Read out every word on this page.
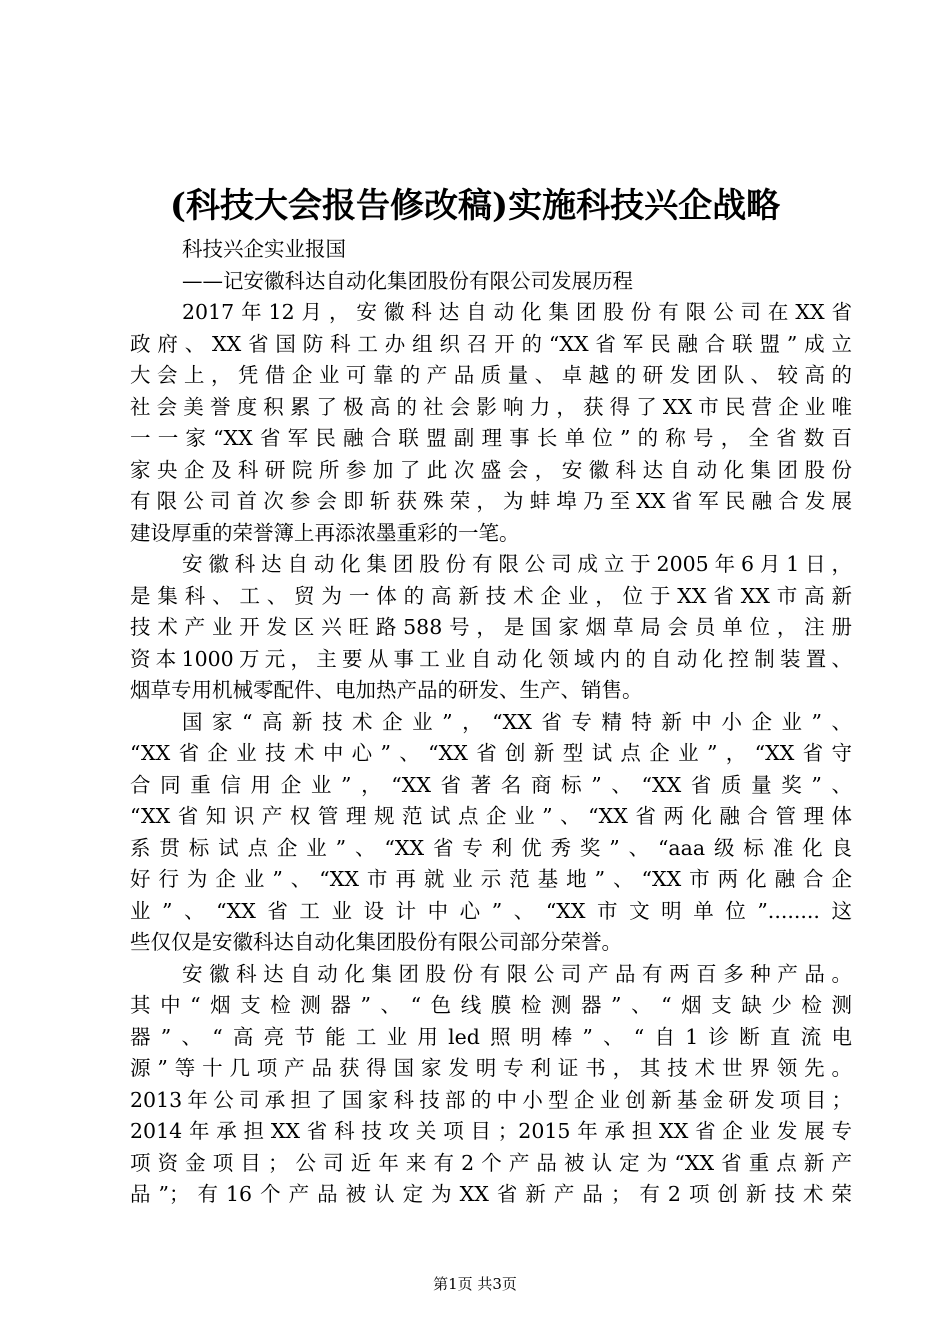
(科技大会报告修改稿)实施科技兴企战略
科技兴企实业报国
——记安徽科达自动化集团股份有限公司发展历程
2017年12月，安徽科达自动化集团股份有限公司在XX省
政府、XX省国防科工办组织召开的“XX省军民融合联盟”成立
大会上，凭借企业可靠的产品质量、卓越的研发团队、较高的
社会美誉度积累了极高的社会影响力，获得了XX市民营企业唯
一一家“XX省军民融合联盟副理事长单位”的称号，全省数百
家央企及科研院所参加了此次盛会，安徽科达自动化集团股份
有限公司首次参会即斩获殊荣，为蚌埠乃至XX省军民融合发展
建设厚重的荣誉簿上再添浓墨重彩的一笔。
安徽科达自动化集团股份有限公司成立于2005年6月1日，
是集科、工、贸为一体的高新技术企业，位于XX省XX市高新
技术产业开发区兴旺路588号，是国家烟草局会员单位，注册
资本1000万元，主要从事工业自动化领域内的自动化控制装置、
烟草专用机械零配件、电加热产品的研发、生产、销售。
国家“高新技术企业”，“XX省专精特新中小企业”、
“XX省企业技术中心”、“XX省创新型试点企业”，“XX省守
合同重信用企业”，“XX省著名商标”、“XX省质量奖”、
“XX省知识产权管理规范试点企业”、“XX省两化融合管理体
系贯标试点企业”、“XX省专利优秀奖”、“aaa级标准化良
好行为企业”、“XX市再就业示范基地”、“XX市两化融合企
业”、“XX省工业设计中心”、“XX市文明单位”........这
些仅仅是安徽科达自动化集团股份有限公司部分荣誉。
安徽科达自动化集团股份有限公司产品有两百多种产品。
其中“烟支检测器”、“色线膜检测器”、“烟支缺少检测
器”、“高亮节能工业用led照明棒”、“自1诊断直流电
源”等十几项产品获得国家发明专利证书，其技术世界领先。
2013年公司承担了国家科技部的中小型企业创新基金研发项目；
2014年承担XX省科技攻关项目；2015年承担XX省企业发展专
项资金项目；公司近年来有2个产品被认定为“XX省重点新产
品”；有16个产品被认定为XX省新产品；有2项创新技术荣
第1页 共3页
